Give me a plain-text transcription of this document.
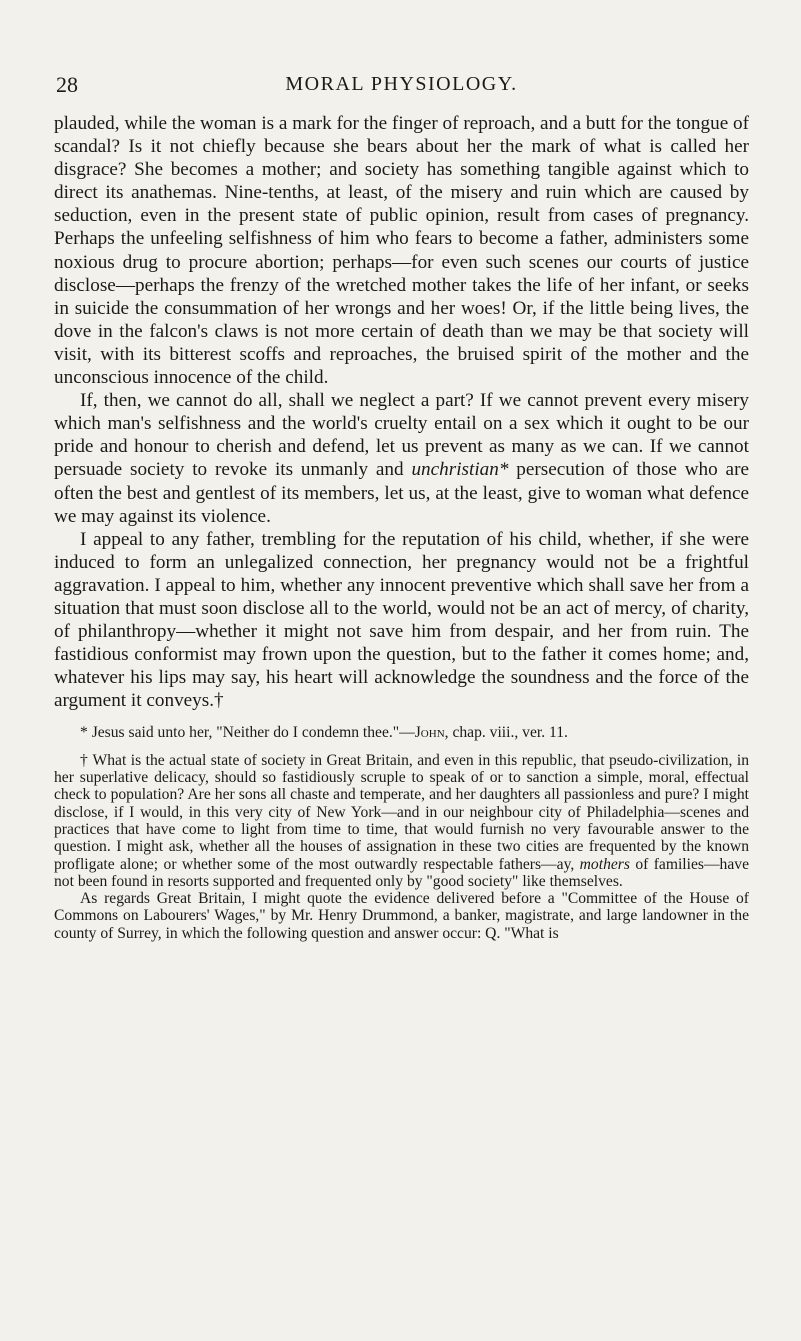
28	MORAL PHYSIOLOGY.

plauded, while the woman is a mark for the finger of reproach, and a butt for the tongue of scandal? Is it not chiefly because she bears about her the mark of what is called her disgrace? She becomes a mother; and society has something tangible against which to direct its anathemas. Nine-tenths, at least, of the misery and ruin which are caused by seduction, even in the present state of public opinion, result from cases of pregnancy. Perhaps the unfeeling selfishness of him who fears to become a father, administers some noxious drug to procure abortion; perhaps—for even such scenes our courts of justice disclose—perhaps the frenzy of the wretched mother takes the life of her infant, or seeks in suicide the consummation of her wrongs and her woes! Or, if the little being lives, the dove in the falcon's claws is not more certain of death than we may be that society will visit, with its bitterest scoffs and reproaches, the bruised spirit of the mother and the unconscious innocence of the child.

If, then, we cannot do all, shall we neglect a part? If we cannot prevent every misery which man's selfishness and the world's cruelty entail on a sex which it ought to be our pride and honour to cherish and defend, let us prevent as many as we can. If we cannot persuade society to revoke its unmanly and unchristian* persecution of those who are often the best and gentlest of its members, let us, at the least, give to woman what defence we may against its violence.

I appeal to any father, trembling for the reputation of his child, whether, if she were induced to form an unlegalized connection, her pregnancy would not be a frightful aggravation. I appeal to him, whether any innocent preventive which shall save her from a situation that must soon disclose all to the world, would not be an act of mercy, of charity, of philanthropy—whether it might not save him from despair, and her from ruin. The fastidious conformist may frown upon the question, but to the father it comes home; and, whatever his lips may say, his heart will acknowledge the soundness and the force of the argument it conveys.†

* Jesus said unto her, "Neither do I condemn thee."—John, chap. viii., ver. 11.

† What is the actual state of society in Great Britain, and even in this republic, that pseudo-civilization, in her superlative delicacy, should so fastidiously scruple to speak of or to sanction a simple, moral, effectual check to population? Are her sons all chaste and temperate, and her daughters all passionless and pure? I might disclose, if I would, in this very city of New York—and in our neighbour city of Philadelphia—scenes and practices that have come to light from time to time, that would furnish no very favourable answer to the question. I might ask, whether all the houses of assignation in these two cities are frequented by the known profligate alone; or whether some of the most outwardly respectable fathers—ay, mothers of families—have not been found in resorts supported and frequented only by "good society" like themselves.

As regards Great Britain, I might quote the evidence delivered before a "Committee of the House of Commons on Labourers' Wages," by Mr. Henry Drummond, a banker, magistrate, and large landowner in the county of Surrey, in which the following question and answer occur: Q. "What is
